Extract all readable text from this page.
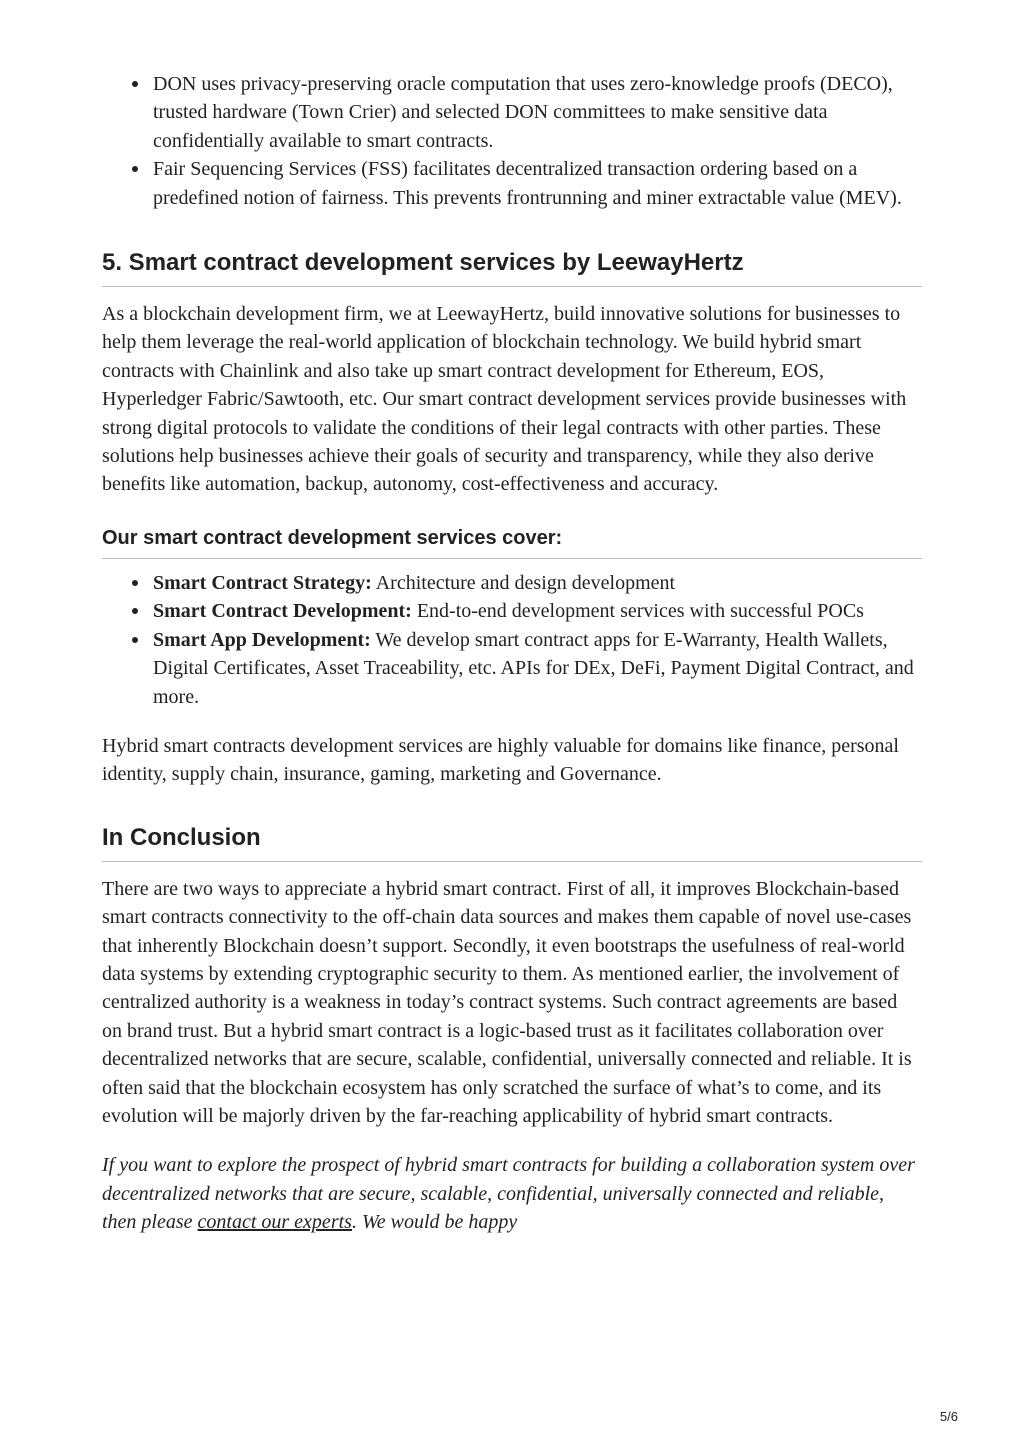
DON uses privacy-preserving oracle computation that uses zero-knowledge proofs (DECO), trusted hardware (Town Crier) and selected DON committees to make sensitive data confidentially available to smart contracts.
Fair Sequencing Services (FSS) facilitates decentralized transaction ordering based on a predefined notion of fairness. This prevents frontrunning and miner extractable value (MEV).
5. Smart contract development services by LeewayHertz

As a blockchain development firm, we at LeewayHertz, build innovative solutions for businesses to help them leverage the real-world application of blockchain technology. We build hybrid smart contracts with Chainlink and also take up smart contract development for Ethereum, EOS, Hyperledger Fabric/Sawtooth, etc. Our smart contract development services provide businesses with strong digital protocols to validate the conditions of their legal contracts with other parties. These solutions help businesses achieve their goals of security and transparency, while they also derive benefits like automation, backup, autonomy, cost-effectiveness and accuracy.

Our smart contract development services cover:
Smart Contract Strategy: Architecture and design development
Smart Contract Development: End-to-end development services with successful POCs
Smart App Development: We develop smart contract apps for E-Warranty, Health Wallets, Digital Certificates, Asset Traceability, etc. APIs for DEx, DeFi, Payment Digital Contract, and more.

Hybrid smart contracts development services are highly valuable for domains like finance, personal identity, supply chain, insurance, gaming, marketing and Governance.

In Conclusion

There are two ways to appreciate a hybrid smart contract. First of all, it improves Blockchain-based smart contracts connectivity to the off-chain data sources and makes them capable of novel use-cases that inherently Blockchain doesn’t support. Secondly, it even bootstraps the usefulness of real-world data systems by extending cryptographic security to them. As mentioned earlier, the involvement of centralized authority is a weakness in today’s contract systems. Such contract agreements are based on brand trust. But a hybrid smart contract is a logic-based trust as it facilitates collaboration over decentralized networks that are secure, scalable, confidential, universally connected and reliable. It is often said that the blockchain ecosystem has only scratched the surface of what’s to come, and its evolution will be majorly driven by the far-reaching applicability of hybrid smart contracts.

If you want to explore the prospect of hybrid smart contracts for building a collaboration system over decentralized networks that are secure, scalable, confidential, universally connected and reliable, then please contact our experts. We would be happy

5/6
